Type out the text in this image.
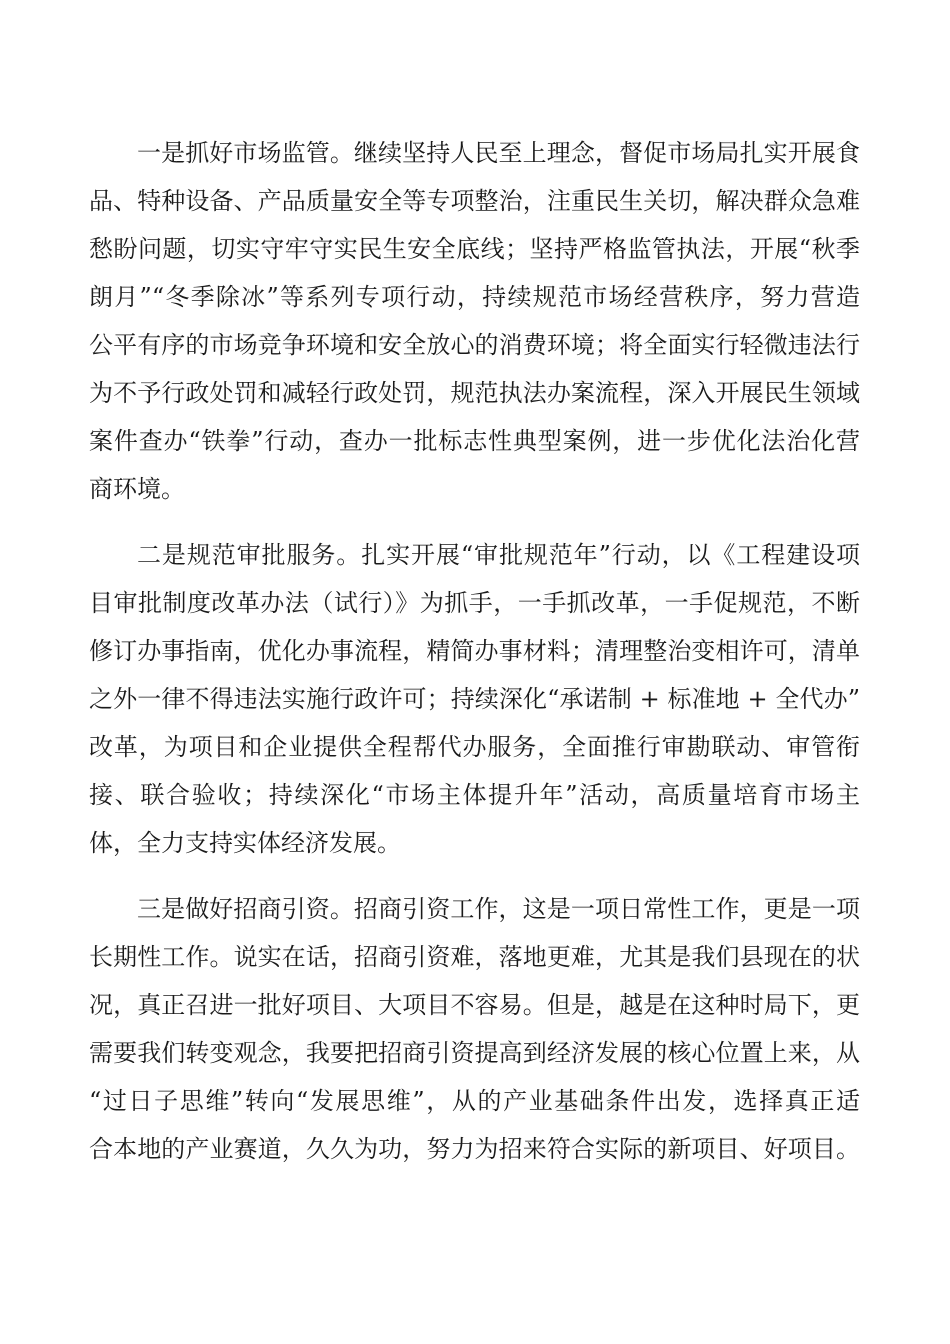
一是抓好市场监管。继续坚持人民至上理念，督促市场局扎实开展食
品、特种设备、产品质量安全等专项整治，注重民生关切，解决群众急难
愁盼问题，切实守牢守实民生安全底线；坚持严格监管执法，开展“秋季
朗月”“冬季除冰”等系列专项行动，持续规范市场经营秩序，努力营造
公平有序的市场竞争环境和安全放心的消费环境；将全面实行轻微违法行
为不予行政处罚和减轻行政处罚，规范执法办案流程，深入开展民生领域
案件查办“铁拳”行动，查办一批标志性典型案例，进一步优化法治化营
商环境。
二是规范审批服务。扎实开展“审批规范年”行动，以《工程建设项
目审批制度改革办法（试行）》为抓手，一手抓改革，一手促规范，不断
修订办事指南，优化办事流程，精简办事材料；清理整治变相许可，清单
之外一律不得违法实施行政许可；持续深化“承诺制 + 标准地 + 全代办”
改革，为项目和企业提供全程帮代办服务，全面推行审勘联动、审管衔
接、联合验收；持续深化“市场主体提升年”活动，高质量培育市场主
体，全力支持实体经济发展。
三是做好招商引资。招商引资工作，这是一项日常性工作，更是一项
长期性工作。说实在话，招商引资难，落地更难，尤其是我们县现在的状
况，真正召进一批好项目、大项目不容易。但是，越是在这种时局下，更
需要我们转变观念，我要把招商引资提高到经济发展的核心位置上来，从
“过日子思维”转向“发展思维”，从的产业基础条件出发，选择真正适
合本地的产业赛道，久久为功，努力为招来符合实际的新项目、好项目。
